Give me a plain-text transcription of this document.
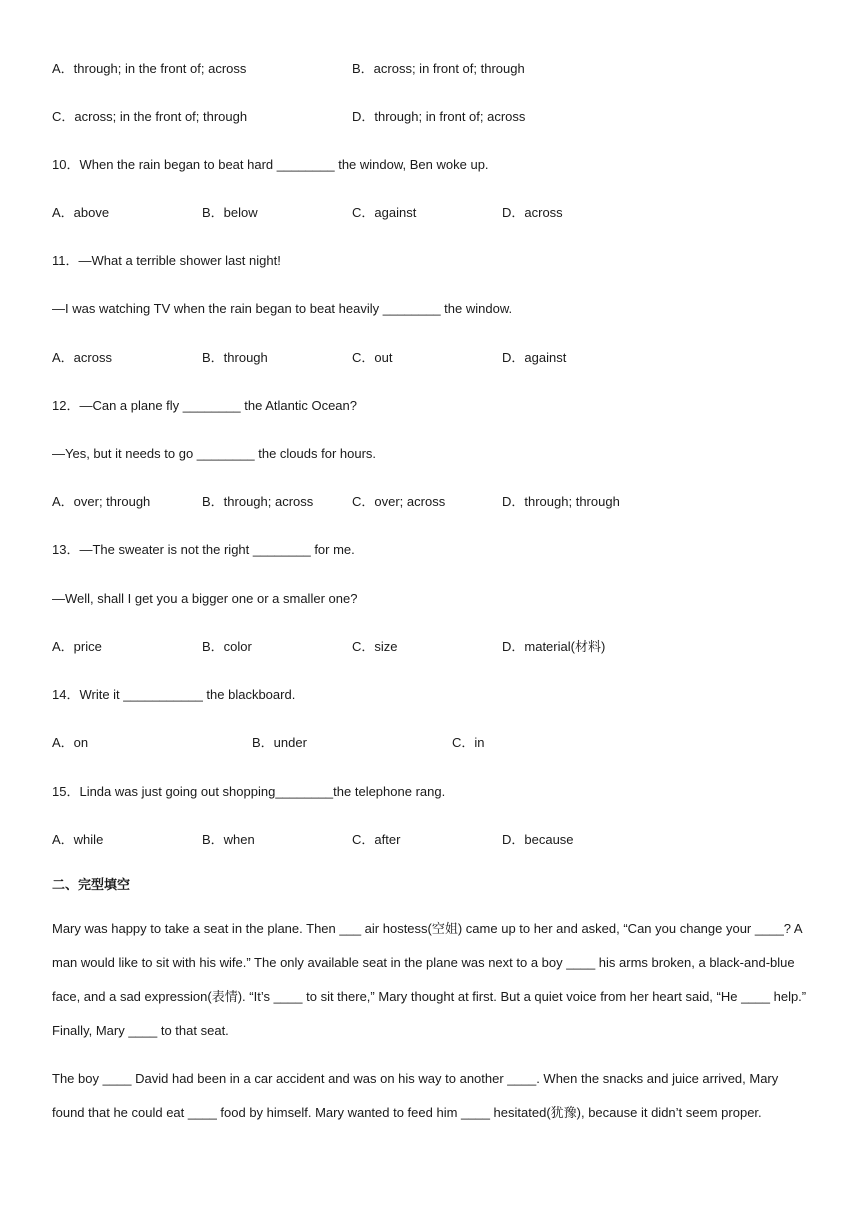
A．through; in the front of; across	B．across; in front of; through
C．across; in the front of; through	D．through; in front of; across
10．When the rain began to beat hard ________ the window, Ben woke up.
A．above	B．below	C．against	D．across
11．—What a terrible shower last night!
—I was watching TV when the rain began to beat heavily ________ the window.
A．across	B．through	C．out	D．against
12．—Can a plane fly ________ the Atlantic Ocean?
—Yes, but it needs to go ________ the clouds for hours.
A．over; through	B．through; across	C．over; across	D．through; through
13．—The sweater is not the right ________ for me.
—Well, shall I get you a bigger one or a smaller one?
A．price	B．color	C．size	D．material(材料)
14．Write it ___________ the blackboard.
A．on	B．under	C．in
15．Linda was just going out shopping________the telephone rang.
A．while	B．when	C．after	D．because
二、完型填空
Mary was happy to take a seat in the plane. Then ___ air hostess(空姐) came up to her and asked, “Can you change your ____? A man would like to sit with his wife.” The only available seat in the plane was next to a boy ____ his arms broken, a black-and-blue face, and a sad expression(表情). “It’s ____ to sit there,” Mary thought at first. But a quiet voice from her heart said, “He ____ help.” Finally, Mary ____ to that seat.
The boy ____ David had been in a car accident and was on his way to another ____. When the snacks and juice arrived, Mary found that he could eat ____ food by himself. Mary wanted to feed him ____ hesitated(犹豫), because it didn’t seem proper.
